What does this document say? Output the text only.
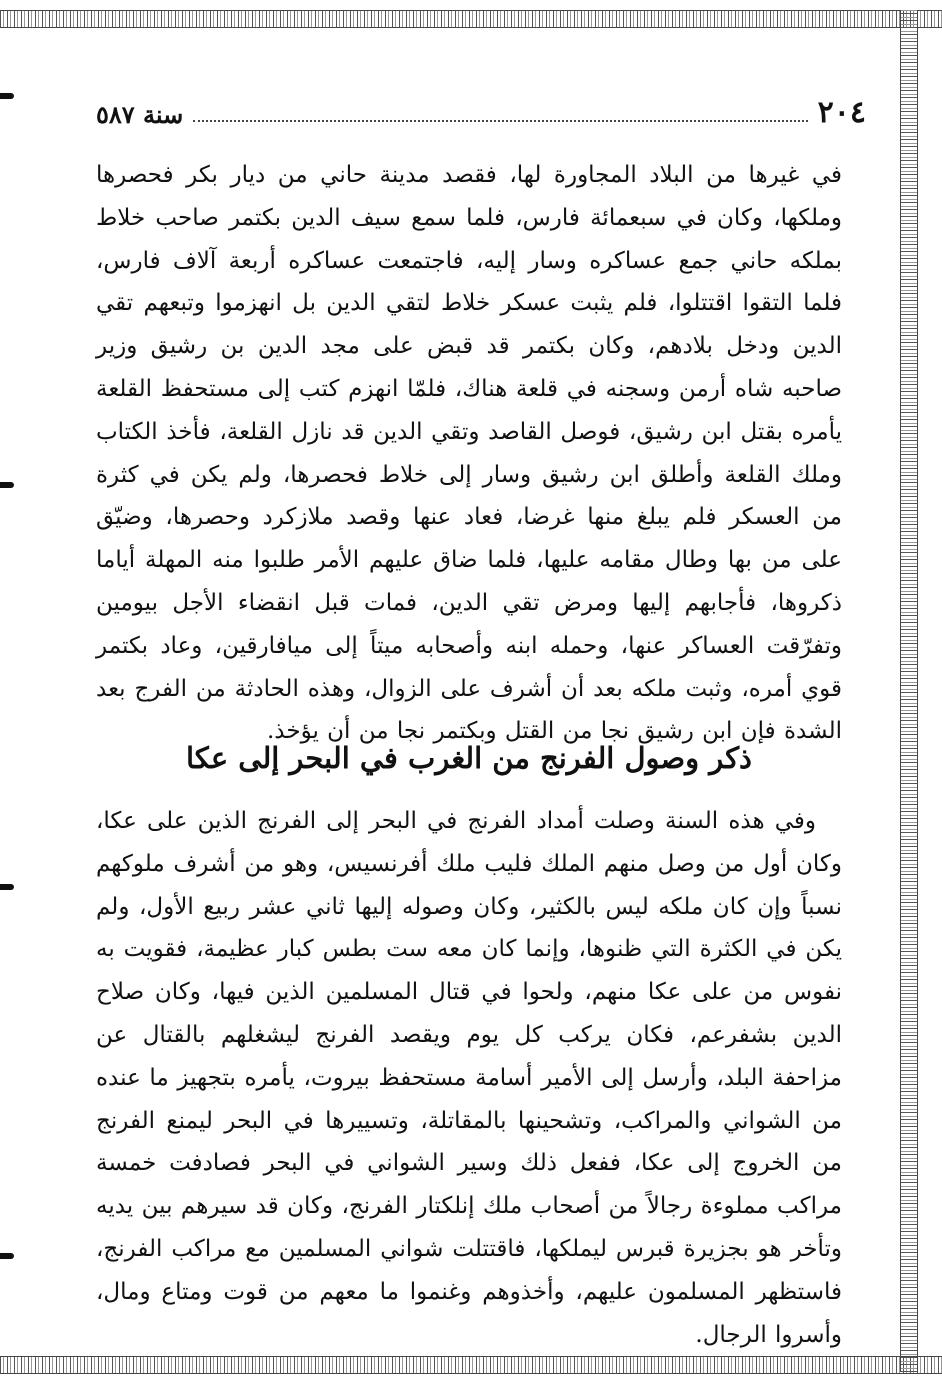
٢٠٤
سنة ٥٨٧
في غيرها من البلاد المجاورة لها، فقصد مدينة حاني من ديار بكر فحصرها وملكها، وكان في سبعمائة فارس، فلما سمع سيف الدين بكتمر صاحب خلاط بملكه حاني جمع عساكره وسار إليه، فاجتمعت عساكره أربعة آلاف فارس، فلما التقوا اقتتلوا، فلم يثبت عسكر خلاط لتقي الدين بل انهزموا وتبعهم تقي الدين ودخل بلادهم، وكان بكتمر قد قبض على مجد الدين بن رشيق وزير صاحبه شاه أرمن وسجنه في قلعة هناك، فلمّا انهزم كتب إلى مستحفظ القلعة يأمره بقتل ابن رشيق، فوصل القاصد وتقي الدين قد نازل القلعة، فأخذ الكتاب وملك القلعة وأطلق ابن رشيق وسار إلى خلاط فحصرها، ولم يكن في كثرة من العسكر فلم يبلغ منها غرضا، فعاد عنها وقصد ملازكرد وحصرها، وضيّق على من بها وطال مقامه عليها، فلما ضاق عليهم الأمر طلبوا منه المهلة أياما ذكروها، فأجابهم إليها ومرض تقي الدين، فمات قبل انقضاء الأجل بيومين وتفرّقت العساكر عنها، وحمله ابنه وأصحابه ميتاً إلى ميافارقين، وعاد بكتمر قوي أمره، وثبت ملكه بعد أن أشرف على الزوال، وهذه الحادثة من الفرج بعد الشدة فإن ابن رشيق نجا من القتل وبكتمر نجا من أن يؤخذ.
ذكر وصول الفرنج من الغرب في البحر إلى عكا
وفي هذه السنة وصلت أمداد الفرنج في البحر إلى الفرنج الذين على عكا، وكان أول من وصل منهم الملك فليب ملك أفرنسيس، وهو من أشرف ملوكهم نسباً وإن كان ملكه ليس بالكثير، وكان وصوله إليها ثاني عشر ربيع الأول، ولم يكن في الكثرة التي ظنوها، وإنما كان معه ست بطس كبار عظيمة، فقويت به نفوس من على عكا منهم، ولحوا في قتال المسلمين الذين فيها، وكان صلاح الدين بشفرعم، فكان يركب كل يوم ويقصد الفرنج ليشغلهم بالقتال عن مزاحفة البلد، وأرسل إلى الأمير أسامة مستحفظ بيروت، يأمره بتجهيز ما عنده من الشواني والمراكب، وتشحينها بالمقاتلة، وتسييرها في البحر ليمنع الفرنج من الخروج إلى عكا، ففعل ذلك وسير الشواني في البحر فصادفت خمسة مراكب مملوءة رجالاً من أصحاب ملك إنلكتار الفرنج، وكان قد سيرهم بين يديه وتأخر هو بجزيرة قبرس ليملكها، فاقتتلت شواني المسلمين مع مراكب الفرنج، فاستظهر المسلمون عليهم، وأخذوهم وغنموا ما معهم من قوت ومتاع ومال، وأسروا الرجال.
